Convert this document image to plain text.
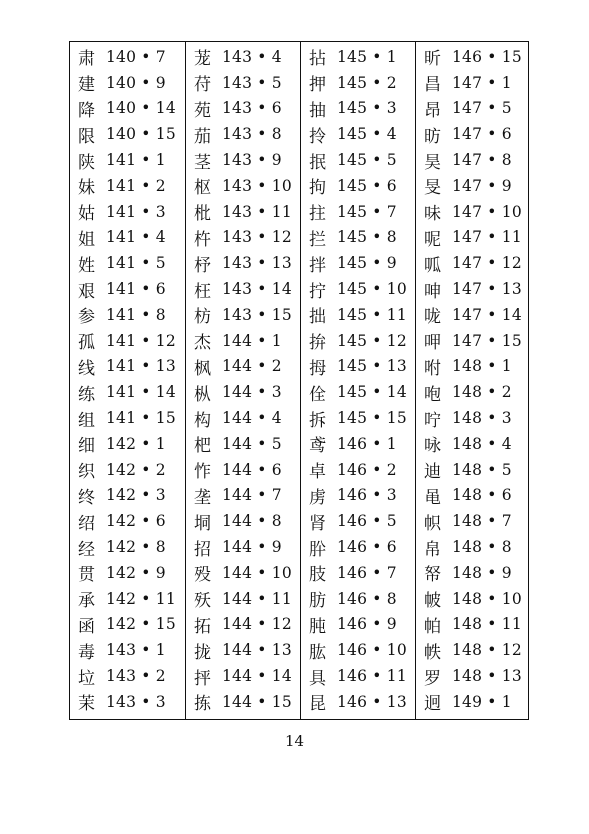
肃 140 • 7
建 140 • 9
降 140 • 14
限 140 • 15
陕 141 • 1
妹 141 • 2
姑 141 • 3
姐 141 • 4
姓 141 • 5
艰 141 • 6
参 141 • 8
孤 141 • 12
线 141 • 13
练 141 • 14
组 141 • 15
细 142 • 1
织 142 • 2
终 142 • 3
绍 142 • 6
经 142 • 8
贯 142 • 9
承 142 • 11
函 142 • 15
毒 143 • 1
垃 143 • 2
茉 143 • 3
茏 143 • 4
苻 143 • 5
苑 143 • 6
茄 143 • 8
茎 143 • 9
枢 143 • 10
枇 143 • 11
杵 143 • 12
杼 143 • 13
枉 143 • 14
枋 143 • 15
杰 144 • 1
枫 144 • 2
枞 144 • 3
构 144 • 4
杷 144 • 5
怍 144 • 6
垄 144 • 7
垌 144 • 8
招 144 • 9
殁 144 • 10
殀 144 • 11
拓 144 • 12
拢 144 • 13
抨 144 • 14
拣 144 • 15
拈 145 • 1
押 145 • 2
抽 145 • 3
拎 145 • 4
抿 145 • 5
拘 145 • 6
拄 145 • 7
拦 145 • 8
拌 145 • 9
拧 145 • 10
拙 145 • 11
拚 145 • 12
拇 145 • 13
佺 145 • 14
拆 145 • 15
鸢 146 • 1
卓 146 • 2
虏 146 • 3
肾 146 • 5
肸 146 • 6
肢 146 • 7
肪 146 • 8
肫 146 • 9
肱 146 • 10
具 146 • 11
昆 146 • 13
昕 146 • 15
昌 147 • 1
昂 147 • 5
昉 147 • 6
昊 147 • 8
旻 147 • 9
味 147 • 10
呢 147 • 11
呱 147 • 12
呻 147 • 13
咙 147 • 14
呷 147 • 15
咐 148 • 1
咆 148 • 2
咛 148 • 3
咏 148 • 4
迪 148 • 5
黾 148 • 6
帜 148 • 7
帛 148 • 8
帑 148 • 9
帔 148 • 10
帕 148 • 11
帙 148 • 12
罗 148 • 13
迥 149 • 1
14
